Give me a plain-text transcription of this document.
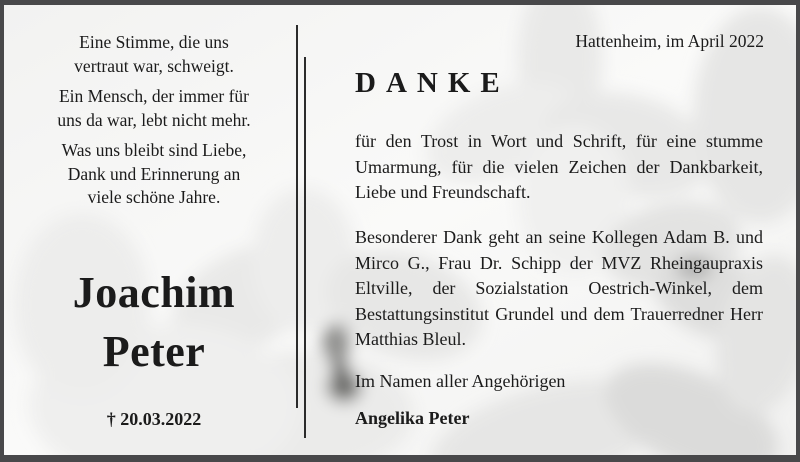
Eine Stimme, die uns
vertraut war, schweigt.

Ein Mensch, der immer für
uns da war, lebt nicht mehr.

Was uns bleibt sind Liebe,
Dank und Erinnerung an
viele schöne Jahre.

Joachim
Peter
† 20.03.2022
Hattenheim, im April 2022
DANKE

für den Trost in Wort und Schrift, für eine stumme Umarmung, für die vielen Zeichen der Dankbarkeit, Liebe und Freundschaft.

Besonderer Dank geht an seine Kollegen Adam B. und Mirco G., Frau Dr. Schipp der MVZ Rheingaupraxis Eltville, der Sozialstation Oestrich-Winkel, dem Bestattungsinstitut Grundel und dem Trauerredner Herr Matthias Bleul.

Im Namen aller Angehörigen

Angelika Peter
